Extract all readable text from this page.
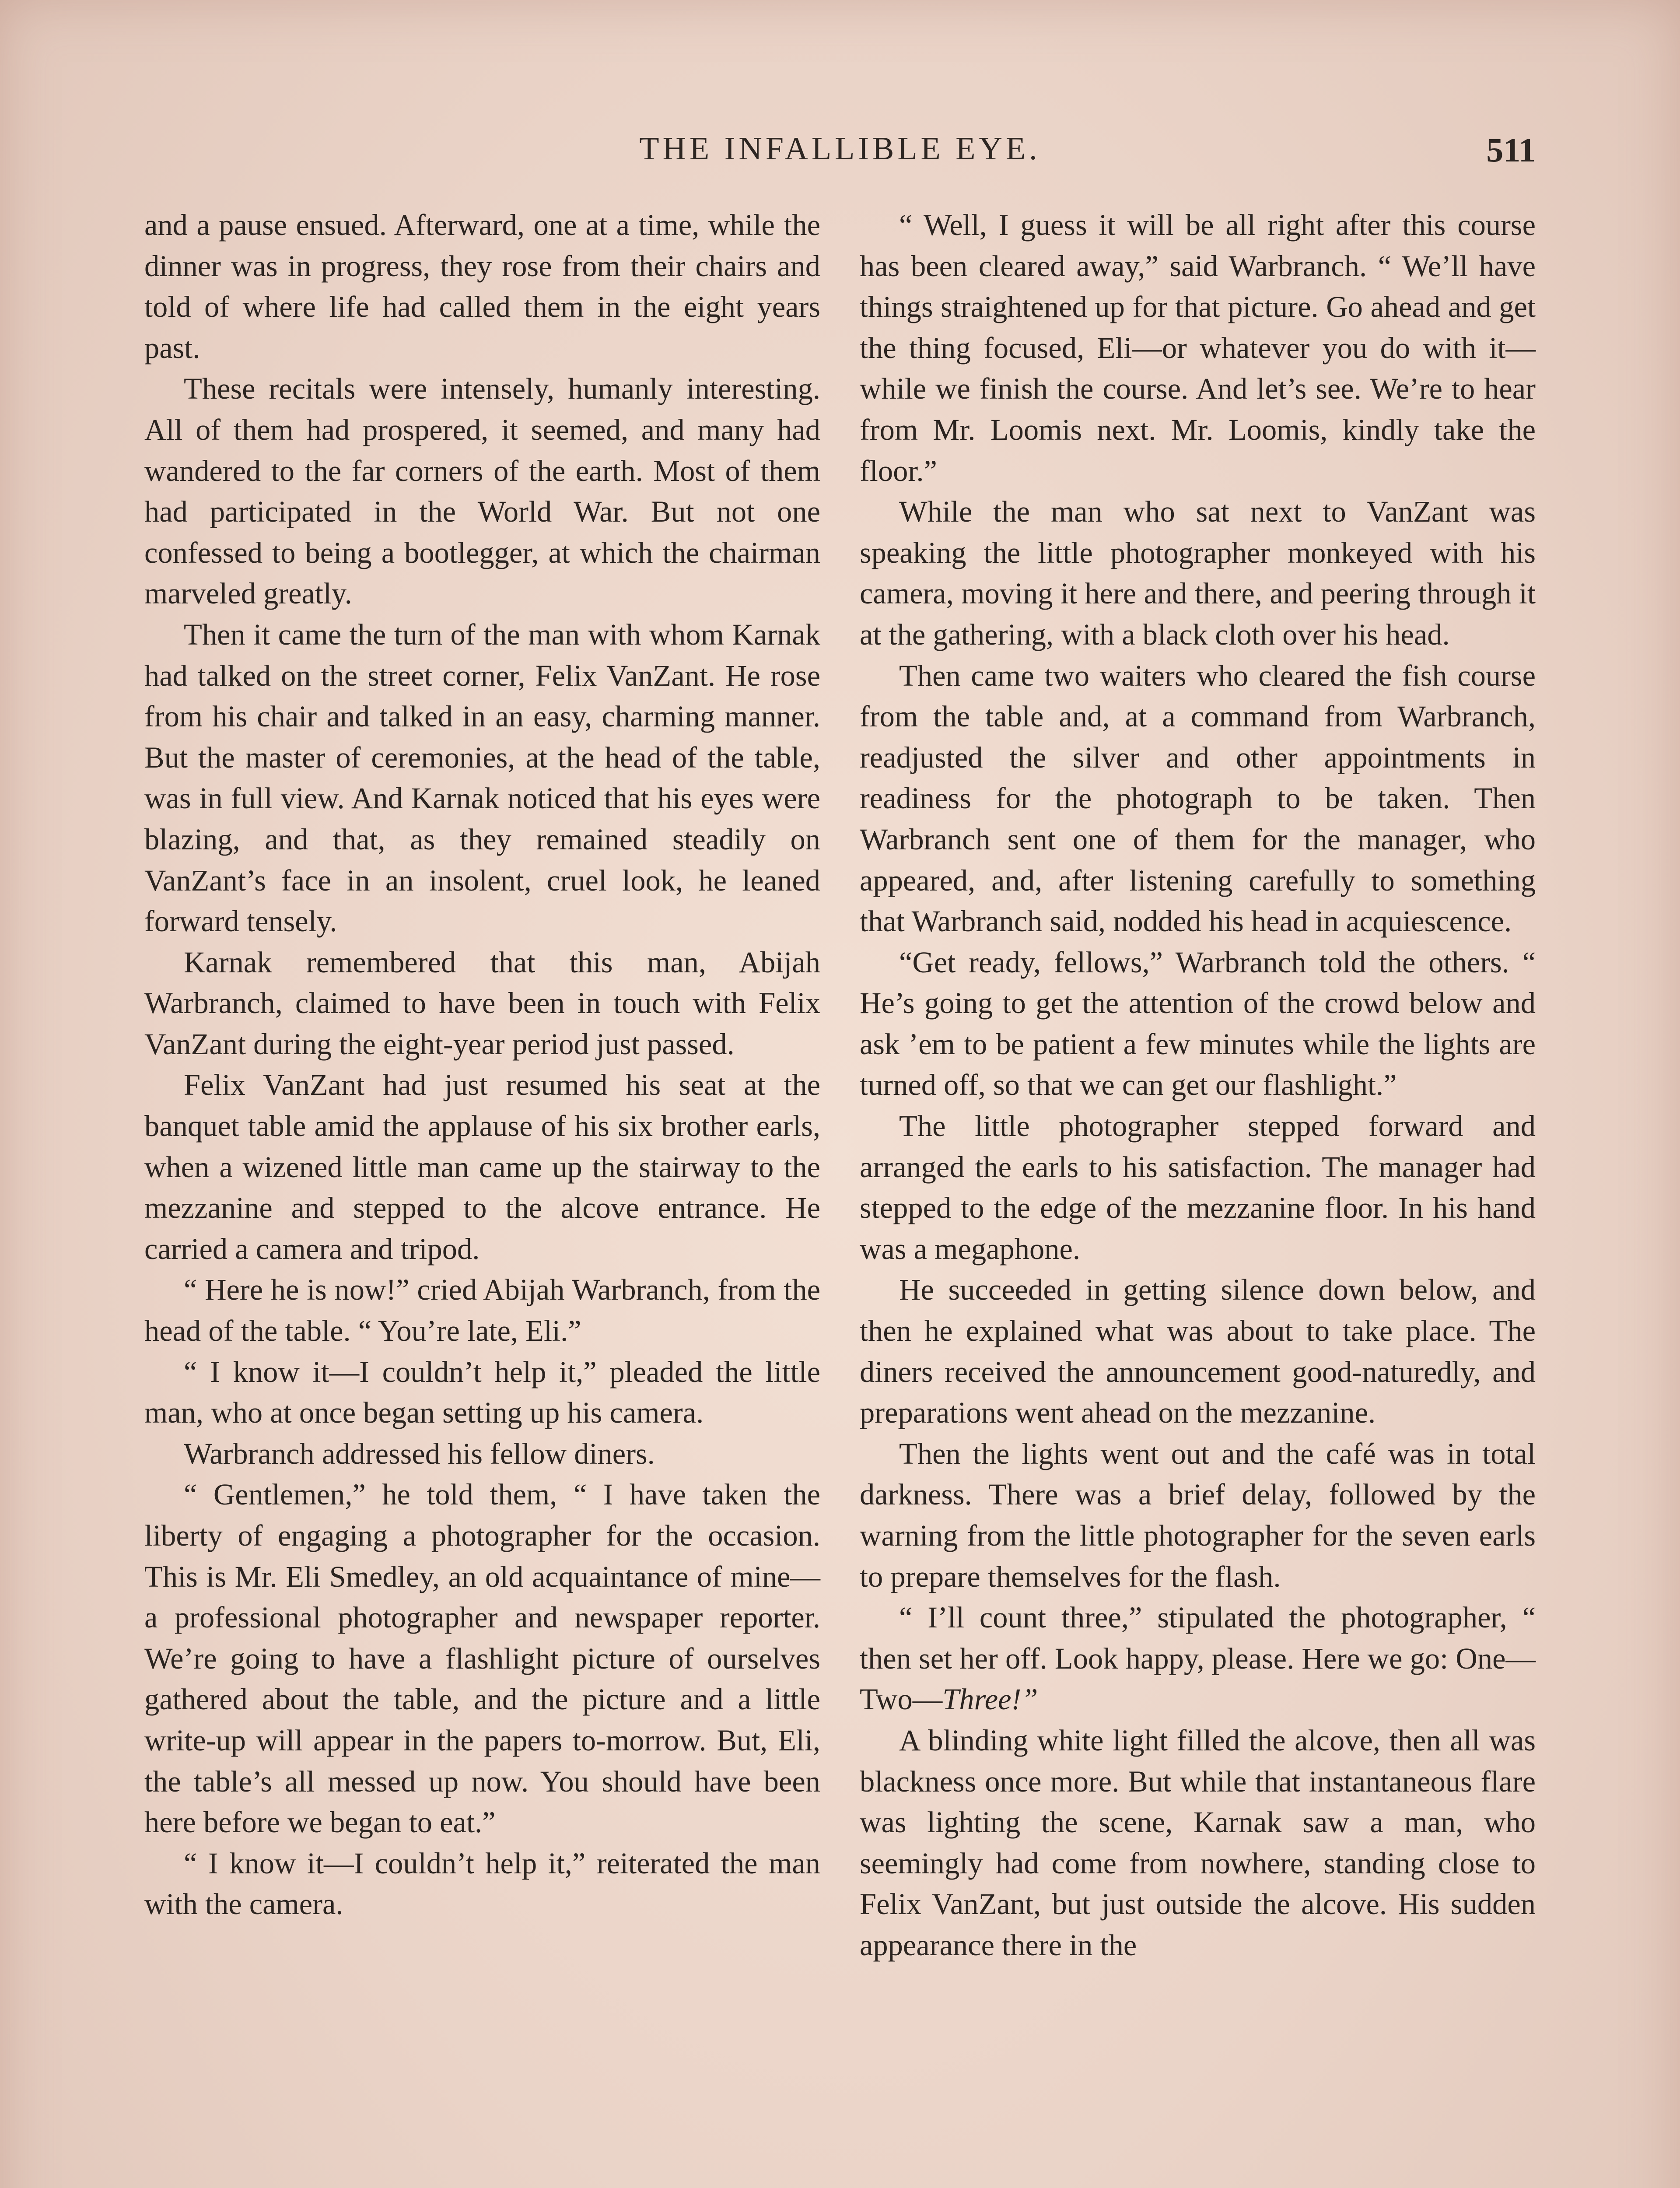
THE INFALLIBLE EYE.	511

and a pause ensued. Afterward, one at a time, while the dinner was in progress, they rose from their chairs and told of where life had called them in the eight years past.

These recitals were intensely, humanly interesting. All of them had prospered, it seemed, and many had wandered to the far corners of the earth. Most of them had participated in the World War. But not one confessed to being a bootlegger, at which the chairman marveled greatly.

Then it came the turn of the man with whom Karnak had talked on the street corner, Felix VanZant. He rose from his chair and talked in an easy, charming manner. But the master of ceremonies, at the head of the table, was in full view. And Karnak noticed that his eyes were blazing, and that, as they remained steadily on VanZant’s face in an insolent, cruel look, he leaned forward tensely.

Karnak remembered that this man, Abijah Warbranch, claimed to have been in touch with Felix VanZant during the eight-year period just passed.

Felix VanZant had just resumed his seat at the banquet table amid the applause of his six brother earls, when a wizened little man came up the stairway to the mezzanine and stepped to the alcove entrance. He carried a camera and tripod.

“ Here he is now!” cried Abijah Warbranch, from the head of the table. “ You’re late, Eli.”

“ I know it—I couldn’t help it,” pleaded the little man, who at once began setting up his camera.

Warbranch addressed his fellow diners.

“ Gentlemen,” he told them, “ I have taken the liberty of engaging a photographer for the occasion. This is Mr. Eli Smedley, an old acquaintance of mine—a professional photographer and newspaper reporter. We’re going to have a flashlight picture of ourselves gathered about the table, and the picture and a little write-up will appear in the papers to-morrow. But, Eli, the table’s all messed up now. You should have been here before we began to eat.”

“ I know it—I couldn’t help it,” reiterated the man with the camera.

“ Well, I guess it will be all right after this course has been cleared away,” said Warbranch. “ We’ll have things straightened up for that picture. Go ahead and get the thing focused, Eli—or whatever you do with it—while we finish the course. And let’s see. We’re to hear from Mr. Loomis next. Mr. Loomis, kindly take the floor.”

While the man who sat next to VanZant was speaking the little photographer monkeyed with his camera, moving it here and there, and peering through it at the gathering, with a black cloth over his head.

Then came two waiters who cleared the fish course from the table and, at a command from Warbranch, readjusted the silver and other appointments in readiness for the photograph to be taken. Then Warbranch sent one of them for the manager, who appeared, and, after listening carefully to something that Warbranch said, nodded his head in acquiescence.

“Get ready, fellows,” Warbranch told the others. “ He’s going to get the attention of the crowd below and ask ’em to be patient a few minutes while the lights are turned off, so that we can get our flashlight.”

The little photographer stepped forward and arranged the earls to his satisfaction. The manager had stepped to the edge of the mezzanine floor. In his hand was a megaphone.

He succeeded in getting silence down below, and then he explained what was about to take place. The diners received the announcement good-naturedly, and preparations went ahead on the mezzanine.

Then the lights went out and the café was in total darkness. There was a brief delay, followed by the warning from the little photographer for the seven earls to prepare themselves for the flash.

“ I’ll count three,” stipulated the photographer, “ then set her off. Look happy, please. Here we go: One—Two—Three!”

A blinding white light filled the alcove, then all was blackness once more. But while that instantaneous flare was lighting the scene, Karnak saw a man, who seemingly had come from nowhere, standing close to Felix VanZant, but just outside the alcove. His sudden appearance there in the
